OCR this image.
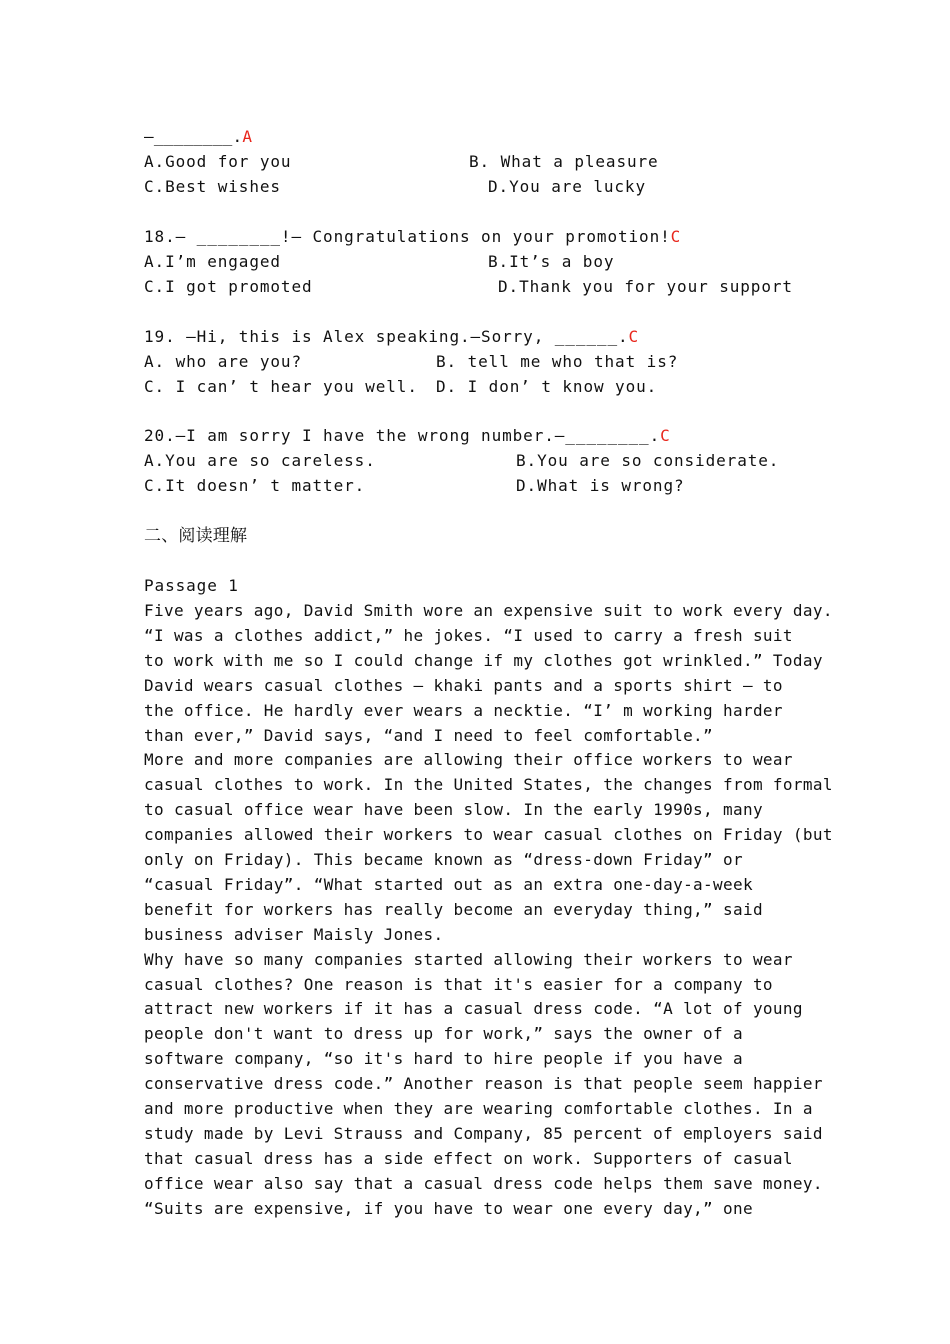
—________.A
A.Good for you	B. What a pleasure
C.Best wishes	D.You are lucky
18.— ________!— Congratulations on your promotion!C
A.I’m engaged	B.It’s a boy
C.I got promoted	D.Thank you for your support
19. —Hi, this is Alex speaking.—Sorry, ______.C
A. who are you?	B. tell me who that is?
C. I can’ t hear you well. D. I don’ t know you.
20.—I am sorry I have the wrong number.—________.C
A.You are so careless.	B.You are so considerate.
C.It doesn’ t matter.	D.What is wrong?
二、阅读理解
Passage 1
Five years ago, David Smith wore an expensive suit to work every day.
“I was a clothes addict,” he jokes. “I used to carry a fresh suit
to work with me so I could change if my clothes got wrinkled.” Today
David wears casual clothes — khaki pants and a sports shirt — to
the office. He hardly ever wears a necktie. “I’ m working harder
than ever,” David says, “and I need to feel comfortable.”
More and more companies are allowing their office workers to wear
casual clothes to work. In the United States, the changes from formal
to casual office wear have been slow. In the early 1990s, many
companies allowed their workers to wear casual clothes on Friday (but
only on Friday). This became known as “dress-down Friday” or
“casual Friday”. “What started out as an extra one-day-a-week
benefit for workers has really become an everyday thing,” said
business adviser Maisly Jones.
Why have so many companies started allowing their workers to wear
casual clothes? One reason is that it's easier for a company to
attract new workers if it has a casual dress code. “A lot of young
people don't want to dress up for work,” says the owner of a
software company, “so it's hard to hire people if you have a
conservative dress code.” Another reason is that people seem happier
and more productive when they are wearing comfortable clothes. In a
study made by Levi Strauss and Company, 85 percent of employers said
that casual dress has a side effect on work. Supporters of casual
office wear also say that a casual dress code helps them save money.
“Suits are expensive, if you have to wear one every day,” one
